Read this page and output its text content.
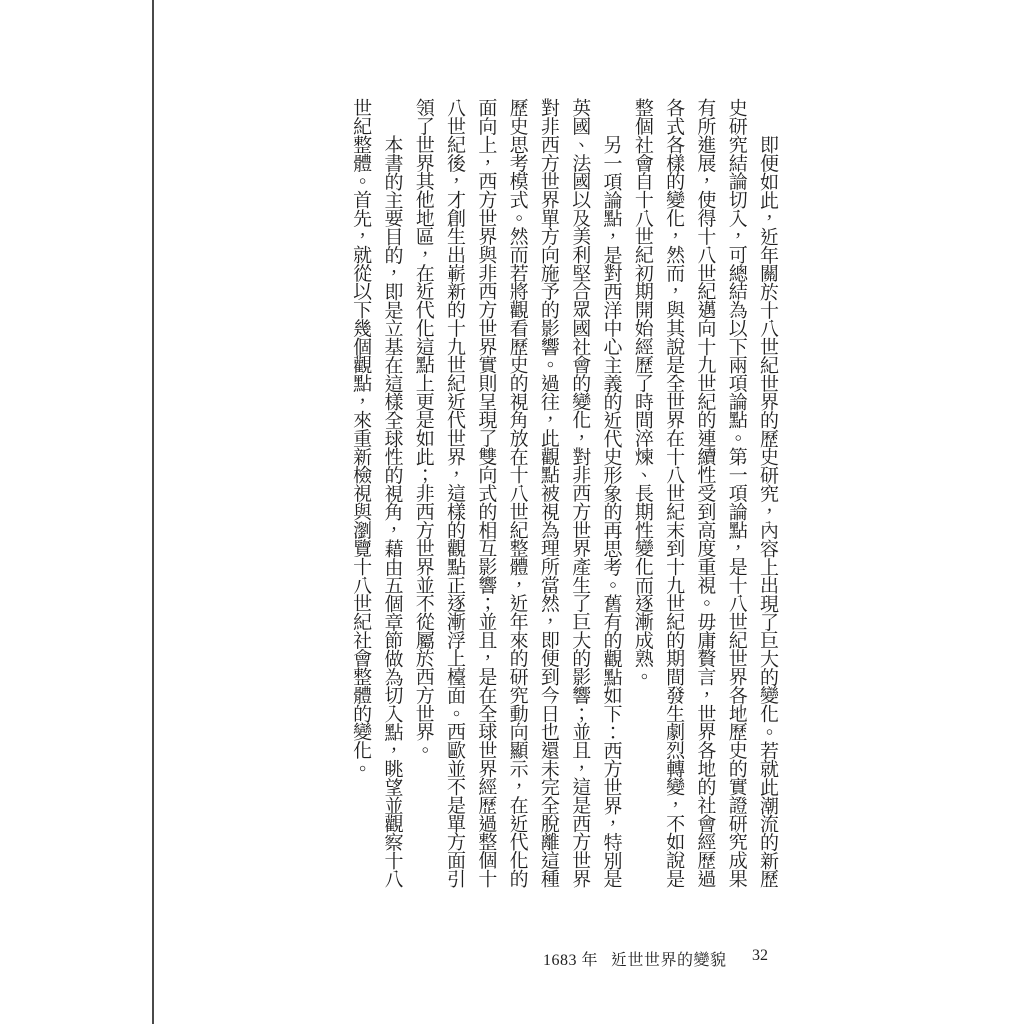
即便如此，近年關於十八世紀世界的歷史研究，內容上出現了巨大的變化。若就此潮流的新歷史研究結論切入，可總結為以下兩項論點。第一項論點，是十八世紀世界各地歷史的實證研究成果有所進展，使得十八世紀邁向十九世紀的連續性受到高度重視。毋庸贅言，世界各地的社會經歷過各式各樣的變化，然而，與其說是全世界在十八世紀末到十九世紀的期間發生劇烈轉變，不如說是整個社會自十八世紀初期開始經歷了時間淬煉、長期性變化而逐漸成熟。

另一項論點，是對西洋中心主義的近代史形象的再思考。舊有的觀點如下：西方世界，特別是英國、法國以及美利堅合眾國社會的變化，對非西方世界產生了巨大的影響；並且，這是西方世界對非西方世界單方向施予的影響。過往，此觀點被視為理所當然，即便到今日也還未完全脫離這種歷史思考模式。然而若將觀看歷史的視角放在十八世紀整體，近年來的研究動向顯示，在近代化的面向上，西方世界與非西方世界實則呈現了雙向式的相互影響；並且，是在全球世界經歷過整個十八世紀後，才創生出嶄新的十九世紀近代世界，這樣的觀點正逐漸浮上檯面。西歐並不是單方面引領了世界其他地區，在近代化這點上更是如此；非西方世界並不從屬於西方世界。

本書的主要目的，即是立基在這樣全球性的視角，藉由五個章節做為切入點，眺望並觀察十八世紀整體。首先，就從以下幾個觀點，來重新檢視與瀏覽十八世紀社會整體的變化。

1683 年 近世世界的變貌 32
